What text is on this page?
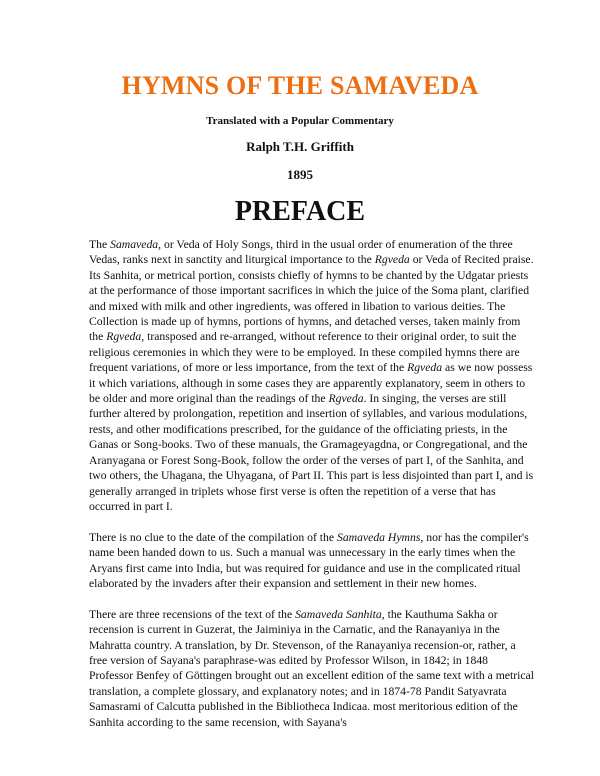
HYMNS OF THE SAMAVEDA
Translated with a Popular Commentary
Ralph T.H. Griffith
1895
PREFACE

The Samaveda, or Veda of Holy Songs, third in the usual order of enumeration of the three Vedas, ranks next in sanctity and liturgical importance to the Rgveda or Veda of Recited praise. Its Sanhita, or metrical portion, consists chiefly of hymns to be chanted by the Udgatar priests at the performance of those important sacrifices in which the juice of the Soma plant, clarified and mixed with milk and other ingredients, was offered in libation to various deities. The Collection is made up of hymns, portions of hymns, and detached verses, taken mainly from the Rgveda, transposed and re-arranged, without reference to their original order, to suit the religious ceremonies in which they were to be employed. In these compiled hymns there are frequent variations, of more or less importance, from the text of the Rgveda as we now possess it which variations, although in some cases they are apparently explanatory, seem in others to be older and more original than the readings of the Rgveda. In singing, the verses are still further altered by prolongation, repetition and insertion of syllables, and various modulations, rests, and other modifications prescribed, for the guidance of the officiating priests, in the Ganas or Song-books. Two of these manuals, the Gramageyagdna, or Congregational, and the Aranyagana or Forest Song-Book, follow the order of the verses of part I, of the Sanhita, and two others, the Uhagana, the Uhyagana, of Part II. This part is less disjointed than part I, and is generally arranged in triplets whose first verse is often the repetition of a verse that has occurred in part I.

There is no clue to the date of the compilation of the Samaveda Hymns, nor has the compiler's name been handed down to us. Such a manual was unnecessary in the early times when the Aryans first came into India, but was required for guidance and use in the complicated ritual elaborated by the invaders after their expansion and settlement in their new homes.

There are three recensions of the text of the Samaveda Sanhita, the Kauthuma Sakha or recension is current in Guzerat, the Jaiminiya in the Carnatic, and the Ranayaniya in the Mahratta country. A translation, by Dr. Stevenson, of the Ranayaniya recension-or, rather, a free version of Sayana's paraphrase-was edited by Professor Wilson, in 1842; in 1848 Professor Benfey of Göttingen brought out an excellent edition of the same text with a metrical translation, a complete glossary, and explanatory notes; and in 1874-78 Pandit Satyavrata Samasrami of Calcutta published in the Bibliotheca Indicaa. most meritorious edition of the Sanhita according to the same recension, with Sayana's
